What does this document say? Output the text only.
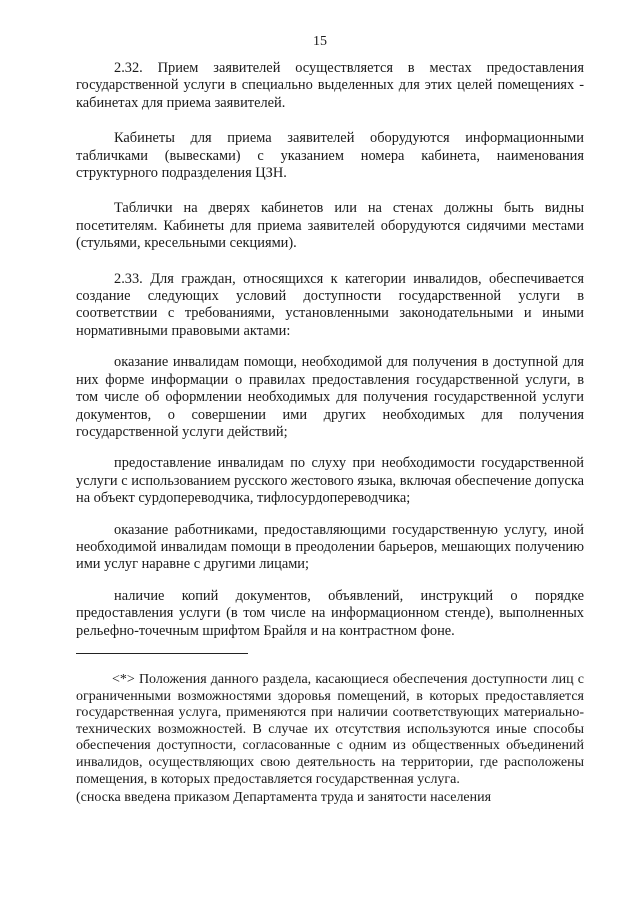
15

2.32. Прием заявителей осуществляется в местах предоставления государственной услуги в специально выделенных для этих целей помещениях - кабинетах для приема заявителей.

Кабинеты для приема заявителей оборудуются информационными табличками (вывесками) с указанием номера кабинета, наименования структурного подразделения ЦЗН.

Таблички на дверях кабинетов или на стенах должны быть видны посетителям. Кабинеты для приема заявителей оборудуются сидячими местами (стульями, кресельными секциями).

2.33. Для граждан, относящихся к категории инвалидов, обеспечивается создание следующих условий доступности государственной услуги в соответствии с требованиями, установленными законодательными и иными нормативными правовыми актами:

оказание инвалидам помощи, необходимой для получения в доступной для них форме информации о правилах предоставления государственной услуги, в том числе об оформлении необходимых для получения государственной услуги документов, о совершении ими других необходимых для получения государственной услуги действий;

предоставление инвалидам по слуху при необходимости государственной услуги с использованием русского жестового языка, включая обеспечение допуска на объект сурдопереводчика, тифлосурдопереводчика;

оказание работниками, предоставляющими государственную услугу, иной необходимой инвалидам помощи в преодолении барьеров, мешающих получению ими услуг наравне с другими лицами;

наличие копий документов, объявлений, инструкций о порядке предоставления услуги (в том числе на информационном стенде), выполненных рельефно-точечным шрифтом Брайля и на контрастном фоне.

<*> Положения данного раздела, касающиеся обеспечения доступности лиц с ограниченными возможностями здоровья помещений, в которых предоставляется государственная услуга, применяются при наличии соответствующих материально-технических возможностей. В случае их отсутствия используются иные способы обеспечения доступности, согласованные с одним из общественных объединений инвалидов, осуществляющих свою деятельность на территории, где расположены помещения, в которых предоставляется государственная услуга.

(сноска введена приказом Департамента труда и занятости населения
